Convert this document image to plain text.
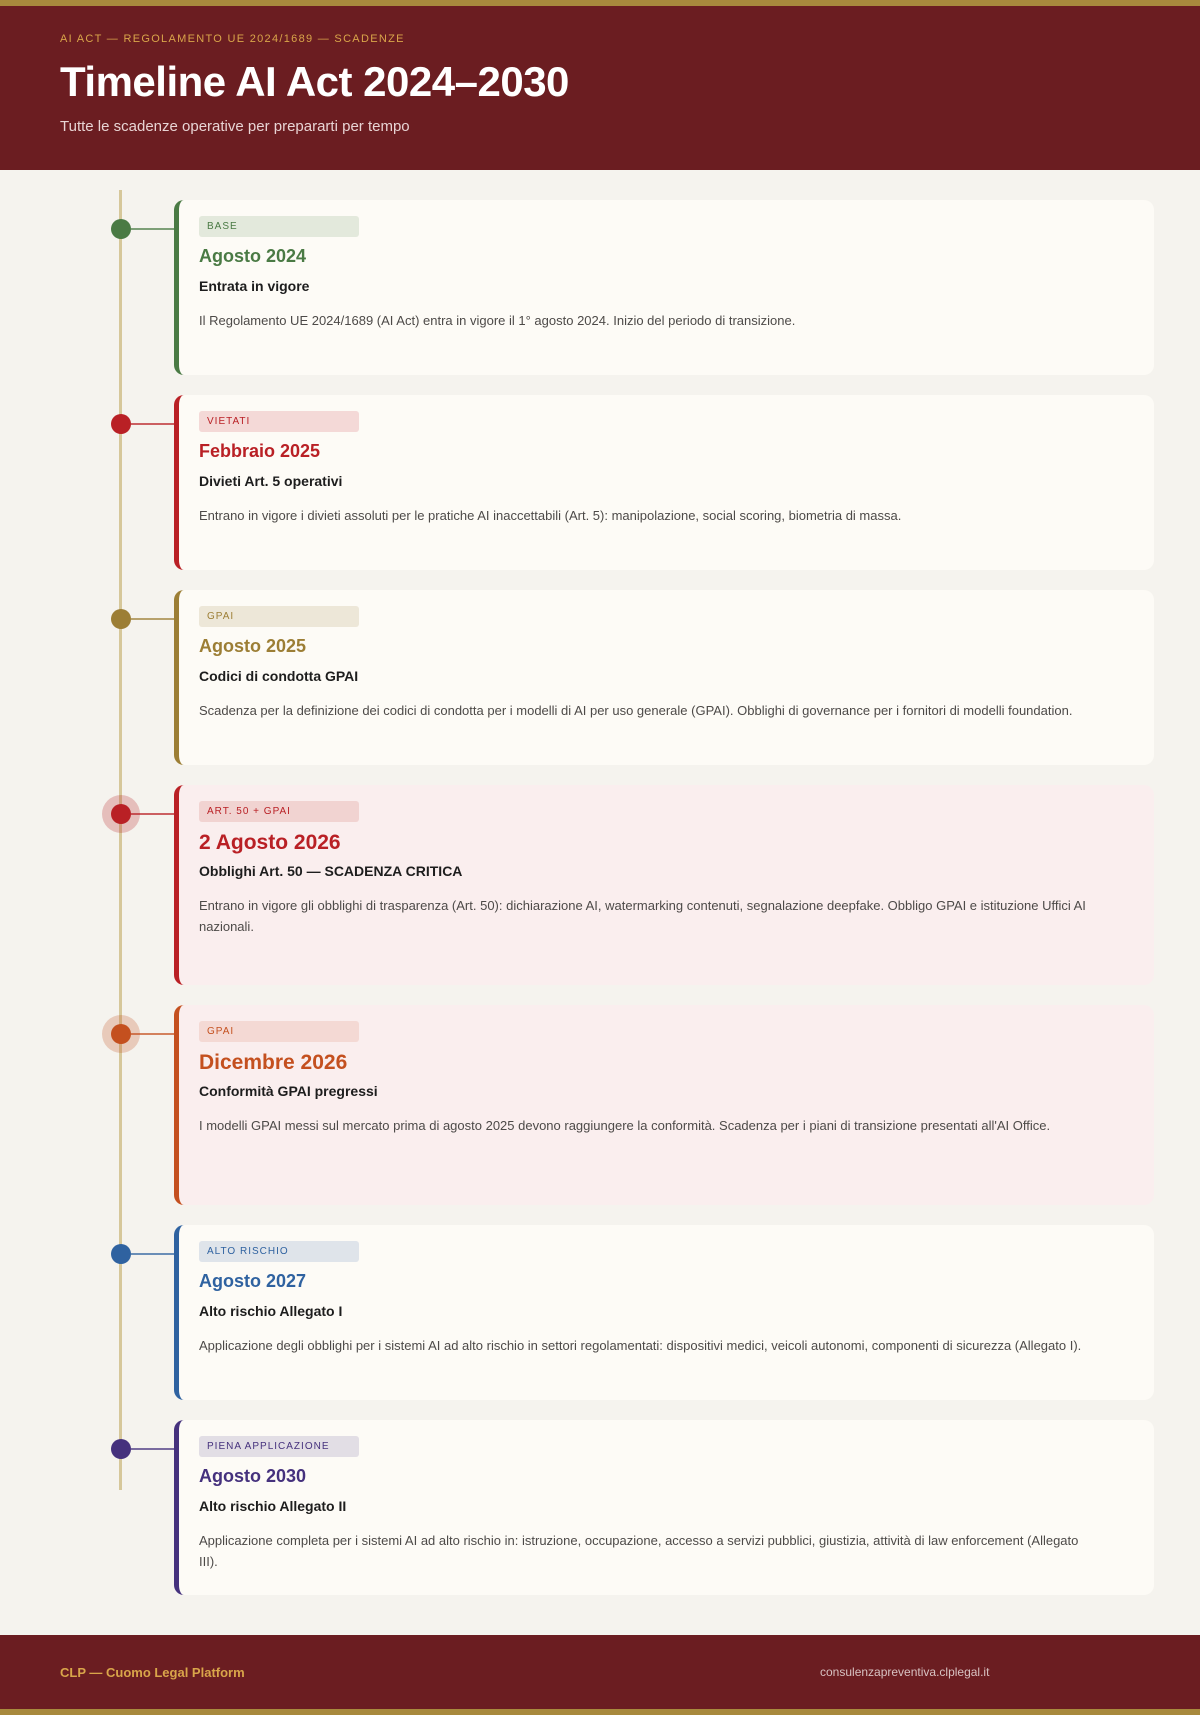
AI ACT — REGOLAMENTO UE 2024/1689 — SCADENZE
Timeline AI Act 2024–2030
Tutte le scadenze operative per prepararti per tempo
BASE
Agosto 2024
Entrata in vigore
Il Regolamento UE 2024/1689 (AI Act) entra in vigore il 1° agosto 2024. Inizio del periodo di transizione.
VIETATI
Febbraio 2025
Divieti Art. 5 operativi
Entrano in vigore i divieti assoluti per le pratiche AI inaccettabili (Art. 5): manipolazione, social scoring, biometria di massa.
GPAI
Agosto 2025
Codici di condotta GPAI
Scadenza per la definizione dei codici di condotta per i modelli di AI per uso generale (GPAI). Obblighi di governance per i fornitori di modelli foundation.
ART. 50 + GPAI
2 Agosto 2026
Obblighi Art. 50 — SCADENZA CRITICA
Entrano in vigore gli obblighi di trasparenza (Art. 50): dichiarazione AI, watermarking contenuti, segnalazione deepfake. Obbligo GPAI e istituzione Uffici AI nazionali.
GPAI
Dicembre 2026
Conformità GPAI pregressi
I modelli GPAI messi sul mercato prima di agosto 2025 devono raggiungere la conformità. Scadenza per i piani di transizione presentati all'AI Office.
ALTO RISCHIO
Agosto 2027
Alto rischio Allegato I
Applicazione degli obblighi per i sistemi AI ad alto rischio in settori regolamentati: dispositivi medici, veicoli autonomi, componenti di sicurezza (Allegato I).
PIENA APPLICAZIONE
Agosto 2030
Alto rischio Allegato II
Applicazione completa per i sistemi AI ad alto rischio in: istruzione, occupazione, accesso a servizi pubblici, giustizia, attività di law enforcement (Allegato III).
CLP — Cuomo Legal Platform	consulenzapreventiva.clplegal.it
